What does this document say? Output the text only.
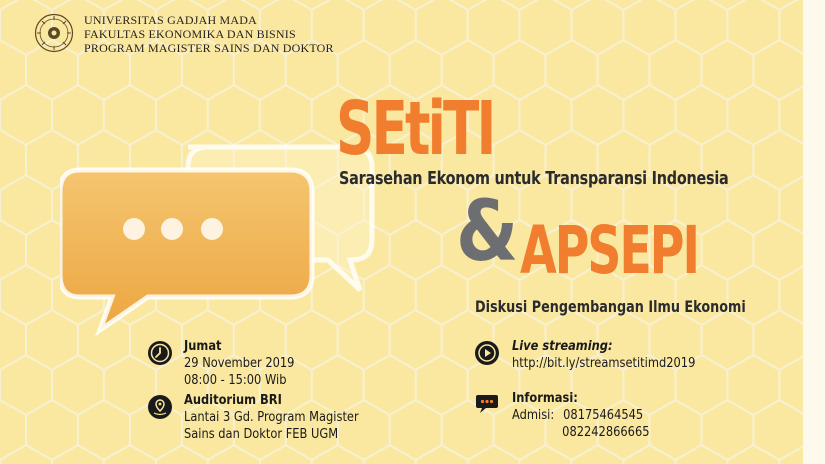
UNIVERSITAS GADJAH MADA
FAKULTAS EKONOMIKA DAN BISNIS
PROGRAM MAGISTER SAINS DAN DOKTOR
SEtiTI
Sarasehan Ekonom untuk Transparansi Indonesia
& APSEPI
Diskusi Pengembangan Ilmu Ekonomi
Jumat
29 November 2019
08:00 - 15:00 Wib
Auditorium BRI
Lantai 3 Gd. Program Magister
Sains dan Doktor FEB UGM
Live streaming:
http://bit.ly/streamsetitimd2019
Informasi:
Admisi: 08175464545
082242866665
